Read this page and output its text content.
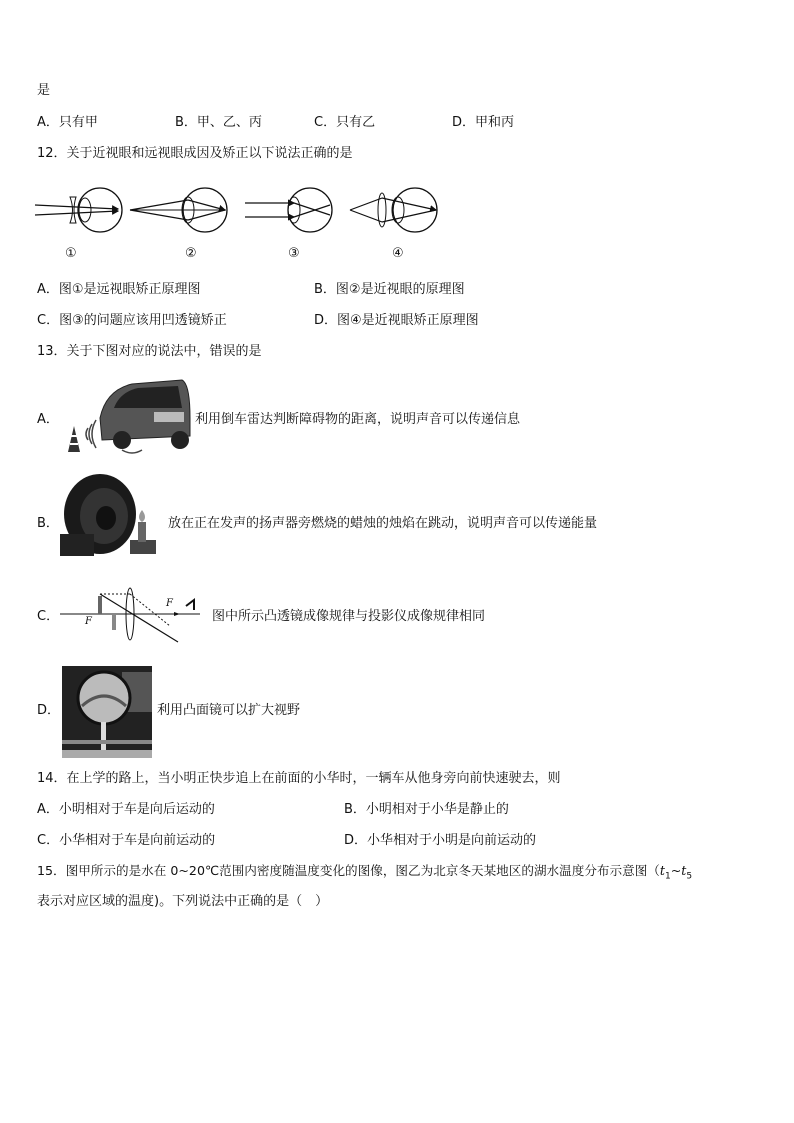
是
A．只有甲	B．甲、乙、丙	C．只有乙	D．甲和丙
12．关于近视眼和远视眼成因及矫正以下说法正确的是
①	②	③	④
A．图①是远视眼矫正原理图	B．图②是近视眼的原理图
C．图③的问题应该用凹透镜矫正	D．图④是近视眼矫正原理图
13．关于下图对应的说法中，错误的是
A．	利用倒车雷达判断障碍物的距离，说明声音可以传递信息
B．	放在正在发声的扬声器旁燃烧的蜡烛的烛焰在跳动，说明声音可以传递能量
C．	F
F
图中所示凸透镜成像规律与投影仪成像规律相同
D．	利用凸面镜可以扩大视野
14．在上学的路上，当小明正快步追上在前面的小华时，一辆车从他身旁向前快速驶去，则
A．小明相对于车是向后运动的	B．小明相对于小华是静止的
C．小华相对于车是向前运动的	D．小华相对于小明是向前运动的
15．图甲所示的是水在 0~20℃范围内密度随温度变化的图像，图乙为北京冬天某地区的湖水温度分布示意图（$t_1\sim t_5$
表示对应区域的温度)。下列说法中正确的是（　）
